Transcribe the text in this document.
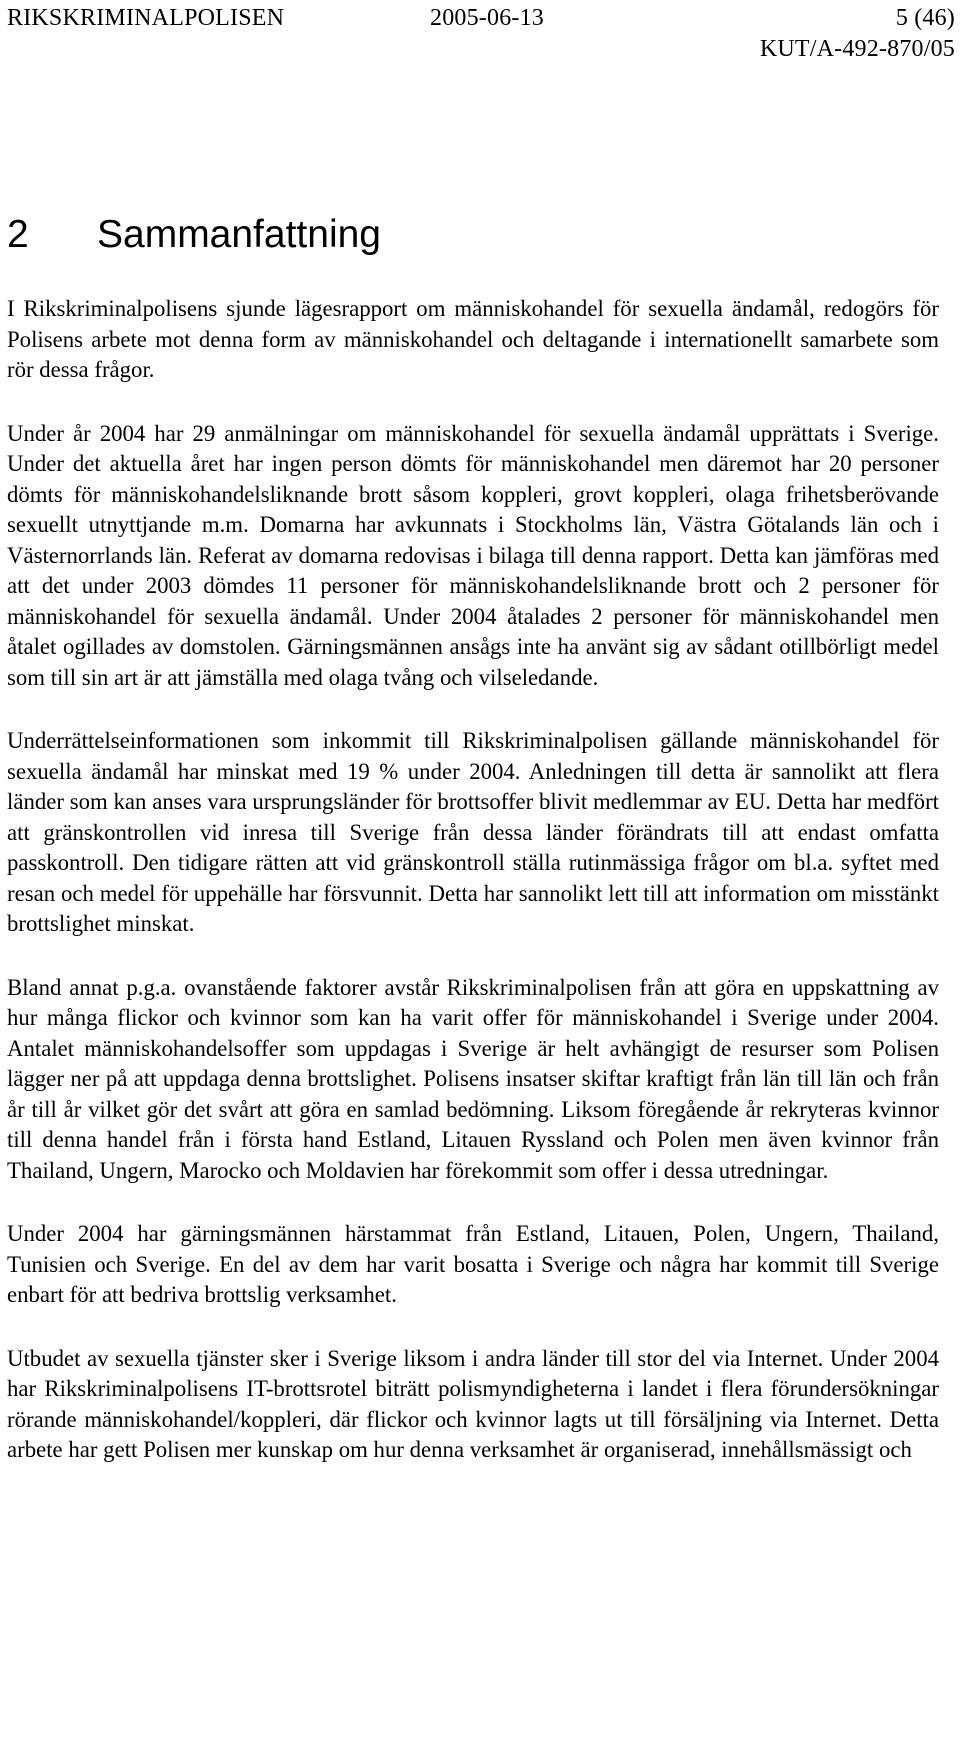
RIKSKRIMINALPOLISEN	2005-06-13	5 (46)
KUT/A-492-870/05
2 Sammanfattning

I Rikskriminalpolisens sjunde lägesrapport om människohandel för sexuella ändamål, redogörs för Polisens arbete mot denna form av människohandel och deltagande i internationellt samarbete som rör dessa frågor.

Under år 2004 har 29 anmälningar om människohandel för sexuella ändamål upprättats i Sverige. Under det aktuella året har ingen person dömts för människohandel men däremot har 20 personer dömts för människohandelsliknande brott såsom koppleri, grovt koppleri, olaga frihetsberövande sexuellt utnyttjande m.m. Domarna har avkunnats i Stockholms län, Västra Götalands län och i Västernorrlands län. Referat av domarna redovisas i bilaga till denna rapport. Detta kan jämföras med att det under 2003 dömdes 11 personer för människohandelsliknande brott och 2 personer för människohandel för sexuella ändamål. Under 2004 åtalades 2 personer för människohandel men åtalet ogillades av domstolen. Gärningsmännen ansågs inte ha använt sig av sådant otillbörligt medel som till sin art är att jämställa med olaga tvång och vilseledande.

Underrättelseinformationen som inkommit till Rikskriminalpolisen gällande människohandel för sexuella ändamål har minskat med 19 % under 2004. Anledningen till detta är sannolikt att flera länder som kan anses vara ursprungsländer för brottsoffer blivit medlemmar av EU. Detta har medfört att gränskontrollen vid inresa till Sverige från dessa länder förändrats till att endast omfatta passkontroll. Den tidigare rätten att vid gränskontroll ställa rutinmässiga frågor om bl.a. syftet med resan och medel för uppehälle har försvunnit. Detta har sannolikt lett till att information om misstänkt brottslighet minskat.

Bland annat p.g.a. ovanstående faktorer avstår Rikskriminalpolisen från att göra en uppskattning av hur många flickor och kvinnor som kan ha varit offer för människohandel i Sverige under 2004. Antalet människohandelsoffer som uppdagas i Sverige är helt avhängigt de resurser som Polisen lägger ner på att uppdaga denna brottslighet. Polisens insatser skiftar kraftigt från län till län och från år till år vilket gör det svårt att göra en samlad bedömning. Liksom föregående år rekryteras kvinnor till denna handel från i första hand Estland, Litauen Ryssland och Polen men även kvinnor från Thailand, Ungern, Marocko och Moldavien har förekommit som offer i dessa utredningar.

Under 2004 har gärningsmännen härstammat från Estland, Litauen, Polen, Ungern, Thailand, Tunisien och Sverige. En del av dem har varit bosatta i Sverige och några har kommit till Sverige enbart för att bedriva brottslig verksamhet.

Utbudet av sexuella tjänster sker i Sverige liksom i andra länder till stor del via Internet. Under 2004 har Rikskriminalpolisens IT-brottsrotel biträtt polismyndigheterna i landet i flera förundersökningar rörande människohandel/koppleri, där flickor och kvinnor lagts ut till försäljning via Internet. Detta arbete har gett Polisen mer kunskap om hur denna verksamhet är organiserad, innehållsmässigt och
